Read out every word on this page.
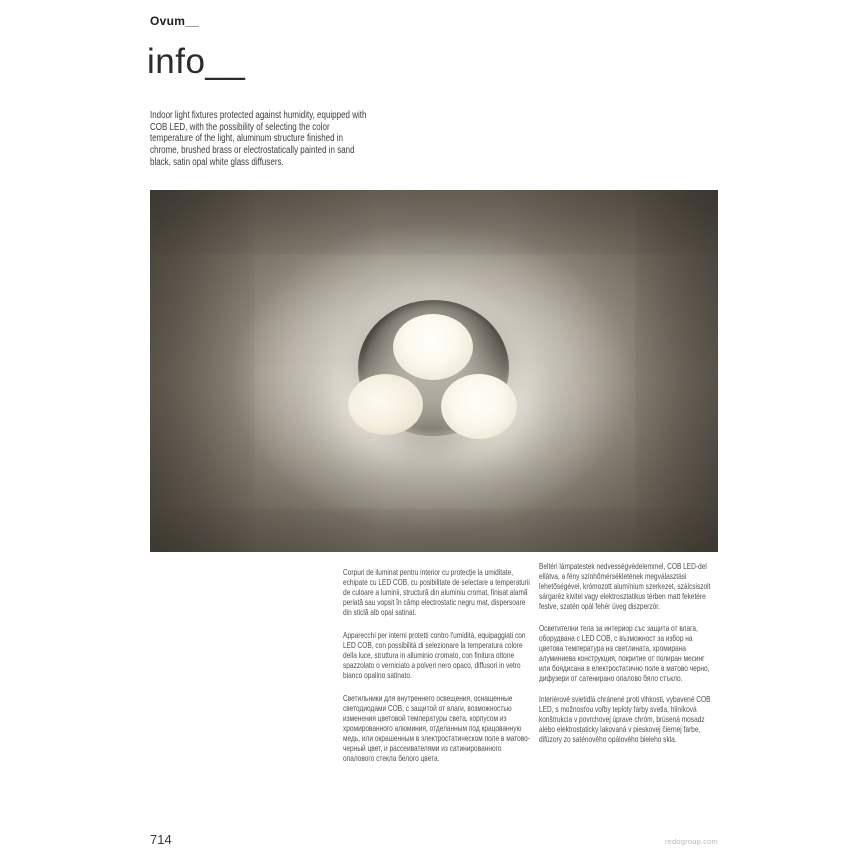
Ovum__
info__
Indoor light fixtures protected against humidity, equipped with COB LED, with the possibility of selecting the color temperature of the light, aluminum structure finished in chrome, brushed brass or electrostatically painted in sand black, satin opal white glass diffusers.

Corpuri de iluminat pentru interior cu protecţie la umiditate, echipate cu LED COB, cu posibilitate de selectare a temperaturii de culoare a luminii, structură din aluminiu cromat, finisat alamă periată sau vopsit în câmp electrostatic negru mat, dispersoare din sticlă alb opal satinat.

Apparecchi per interni protetti contro l'umidità, equipaggiati con LED COB, con possibilità di selezionare la temperatura colore della luce, struttura in alluminio cromato, con finitura ottone spazzolato o verniciato a polveri nero opaco, diffusori in vetro bianco opalino satinato.

Светильники для внутреннего освещения, оснащенные светодиодами COB, с защитой от влаги, возможностью изменения цветовой температуры света, корпусом из хромированного алюминия, отделанным под крацованную медь, или окрашенным в электростатическом поле в матово-черный цвет, и рассеивателями из сатинированного опалового стекла белого цвета.

Beltéri lámpatestek nedvességvédelemmel, COB LED-del ellátva, a fény színhőmérsékletének megválasztási lehetőségével, krómozott alumínium szerkezet, szálcsiszolt sárgaréz kivitel vagy elektrosztatikus térben matt feketére festve, szatén opál fehér üveg diszperzór.

Осветителни тела за интериор със защита от влага, оборудвана с LED COB, с възможност за избор на цветова температура на светлината, хромирана алуминиева конструкция, покритие от полиран месинг или боядисана в електростатично поле в матово черно, дифузери от сатенирано опалово бяло стъкло.

Interiérové svietidlá chránené proti vlhkosti, vybavené COB LED, s možnosťou voľby teploty farby svetla, hliníková konštrukcia v povrchovej úprave chróm, brúsená mosadz alebo elektrostaticky lakovaná v pieskovej čiernej farbe, difúzory zo saténového opálového bieleho skla.

714	redogroup.com
